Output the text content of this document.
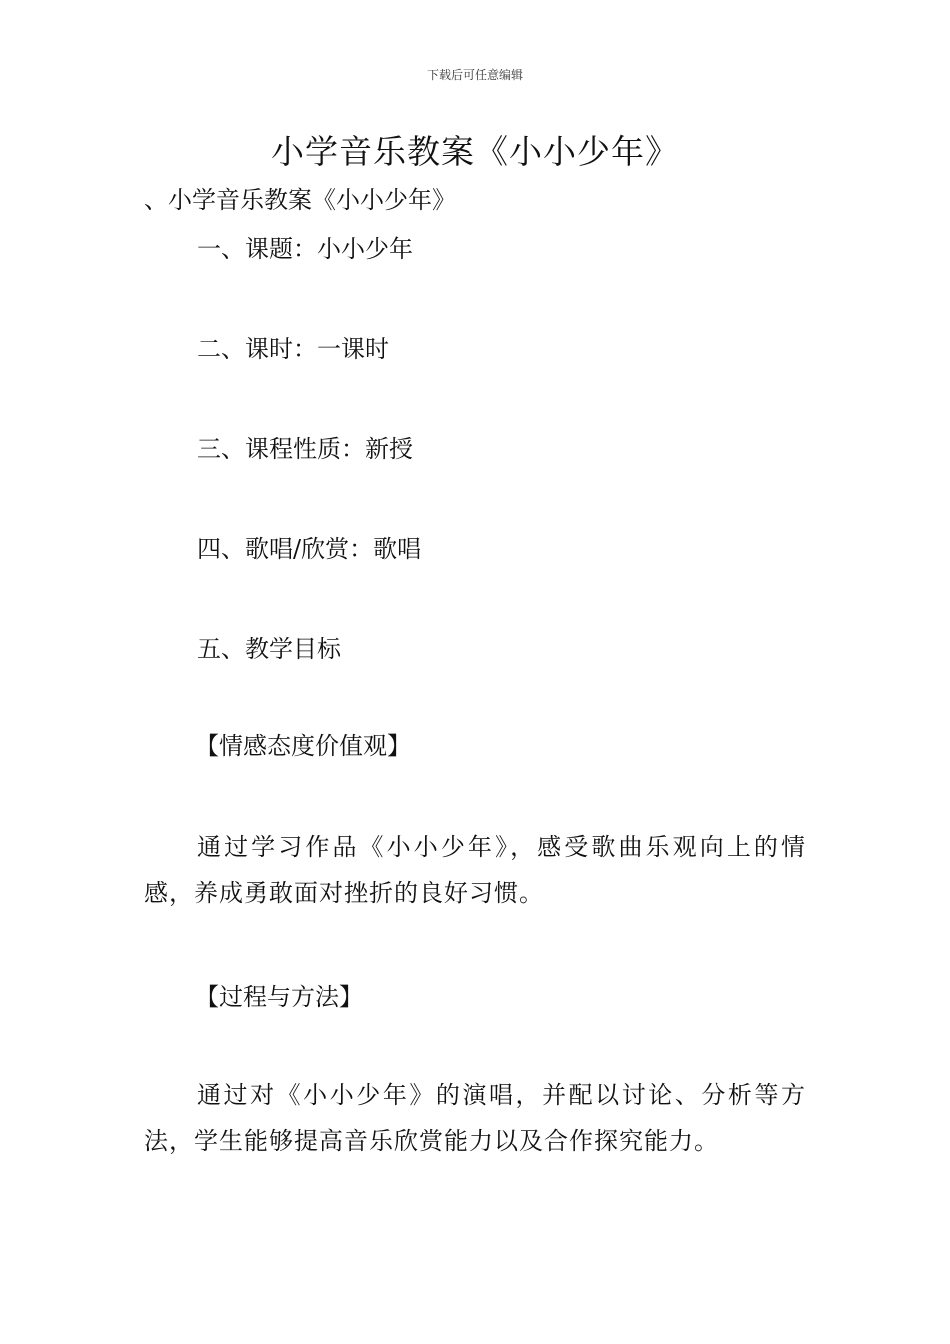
下载后可任意编辑
小学音乐教案《小小少年》
、小学音乐教案《小小少年》
一、课题：小小少年
二、课时：一课时
三、课程性质：新授
四、歌唱/欣赏：歌唱
五、教学目标
【情感态度价值观】

通过学习作品《小小少年》，感受歌曲乐观向上的情感，养成勇敢面对挫折的良好习惯。

【过程与方法】

通过对《小小少年》的演唱，并配以讨论、分析等方法，学生能够提高音乐欣赏能力以及合作探究能力。
